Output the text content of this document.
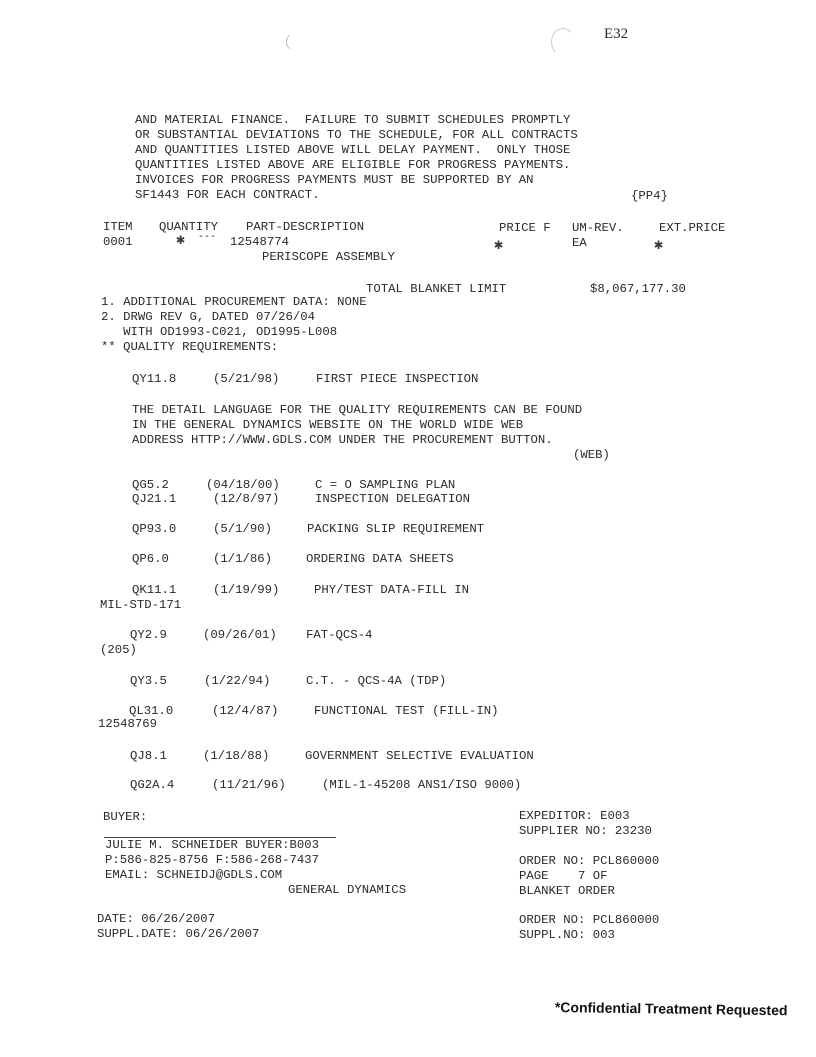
E32
AND MATERIAL FINANCE.  FAILURE TO SUBMIT SCHEDULES PROMPTLY
OR SUBSTANTIAL DEVIATIONS TO THE SCHEDULE, FOR ALL CONTRACTS
AND QUANTITIES LISTED ABOVE WILL DELAY PAYMENT.  ONLY THOSE
QUANTITIES LISTED ABOVE ARE ELIGIBLE FOR PROGRESS PAYMENTS.
INVOICES FOR PROGRESS PAYMENTS MUST BE SUPPORTED BY AN
SF1443 FOR EACH CONTRACT.	{PP4}
ITEM QUANTITY PART-DESCRIPTION	PRICE F UM-REV.	EXT.PRICE
0001	✱ --- 12548774	✱	EA	✱
PERISCOPE ASSEMBLY
TOTAL BLANKET LIMIT	$8,067,177.30
1. ADDITIONAL PROCUREMENT DATA: NONE
2. DRWG REV G, DATED 07/26/04
WITH OD1993-C021, OD1995-L008
** QUALITY REQUIREMENTS:
QY11.8	(5/21/98)	FIRST PIECE INSPECTION
THE DETAIL LANGUAGE FOR THE QUALITY REQUIREMENTS CAN BE FOUND
IN THE GENERAL DYNAMICS WEBSITE ON THE WORLD WIDE WEB
ADDRESS HTTP://WWW.GDLS.COM UNDER THE PROCUREMENT BUTTON.
(WEB)
QG5.2	(04/18/00)	C = O SAMPLING PLAN
QJ21.1	(12/8/97)	INSPECTION DELEGATION
QP93.0	(5/1/90)	PACKING SLIP REQUIREMENT
QP6.0	(1/1/86)	ORDERING DATA SHEETS
QK11.1	(1/19/99)	PHY/TEST DATA-FILL IN
MIL-STD-171
QY2.9	(09/26/01) FAT-QCS-4
(205)
QY3.5	(1/22/94)	C.T. - QCS-4A (TDP)
QL31.0	(12/4/87)	FUNCTIONAL TEST (FILL-IN)
12548769
QJ8.1	(1/18/88)	GOVERNMENT SELECTIVE EVALUATION
QG2A.4	(11/21/96)	(MIL-1-45208 ANS1/ISO 9000)
BUYER:
JULIE M. SCHNEIDER BUYER:B003
P:586-825-8756 F:586-268-7437
EMAIL: SCHNEIDJ@GDLS.COM
GENERAL DYNAMICS
EXPEDITOR: E003
SUPPLIER NO: 23230
ORDER NO: PCL860000
PAGE    7 OF
BLANKET ORDER
ORDER NO: PCL860000
SUPPL.NO: 003
DATE: 06/26/2007
SUPPL.DATE: 06/26/2007
*Confidential Treatment Requested
